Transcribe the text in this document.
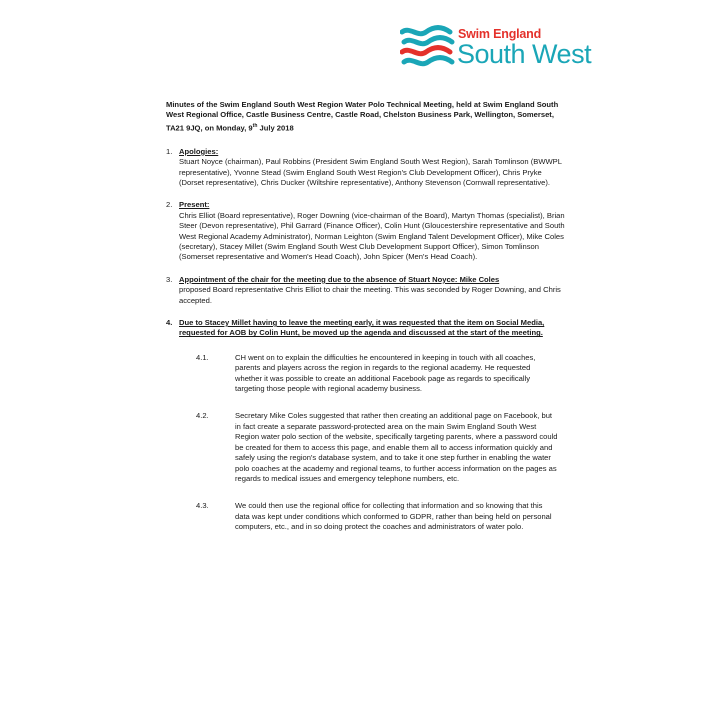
Swim England
South West

Minutes of the Swim England South West Region Water Polo Technical Meeting, held at Swim England South West Regional Office, Castle Business Centre, Castle Road, Chelston Business Park, Wellington, Somerset, TA21 9JQ, on Monday, 9th July 2018

1. Apologies:
Stuart Noyce (chairman), Paul Robbins (President Swim England South West Region), Sarah Tomlinson (BWWPL representative), Yvonne Stead (Swim England South West Region's Club Development Officer), Chris Pryke (Dorset representative), Chris Ducker (Wiltshire representative), Anthony Stevenson (Cornwall representative).
2. Present:
Chris Elliot (Board representative), Roger Downing (vice-chairman of the Board), Martyn Thomas (specialist), Brian Steer (Devon representative), Phil Garrard (Finance Officer), Colin Hunt (Gloucestershire representative and South West Regional Academy Administrator), Norman Leighton (Swim England Talent Development Officer), Mike Coles (secretary), Stacey Millet (Swim England South West Club Development Support Officer), Simon Tomlinson (Somerset representative and Women's Head Coach), John Spicer (Men's Head Coach).
3. Appointment of the chair for the meeting due to the absence of Stuart Noyce: Mike Coles
proposed Board representative Chris Elliot to chair the meeting. This was seconded by Roger Downing, and Chris accepted.
4. Due to Stacey Millet having to leave the meeting early, it was requested that the item on Social Media, requested for AOB by Colin Hunt, be moved up the agenda and discussed at the start of the meeting.
4.1.	CH went on to explain the difficulties he encountered in keeping in touch with all coaches, parents and players across the region in regards to the regional academy. He requested whether it was possible to create an additional Facebook page as regards to specifically targeting those people with regional academy business.
4.2.	Secretary Mike Coles suggested that rather then creating an additional page on Facebook, but in fact create a separate password-protected area on the main Swim England South West Region water polo section of the website, specifically targeting parents, where a password could be created for them to access this page, and enable them all to access information quickly and safely using the region's database system, and to take it one step further in enabling the water polo coaches at the academy and regional teams, to further access information on the pages as regards to medical issues and emergency telephone numbers, etc.
4.3.	We could then use the regional office for collecting that information and so knowing that this data was kept under conditions which conformed to GDPR, rather than being held on personal computers, etc., and in so doing protect the coaches and administrators of water polo.
